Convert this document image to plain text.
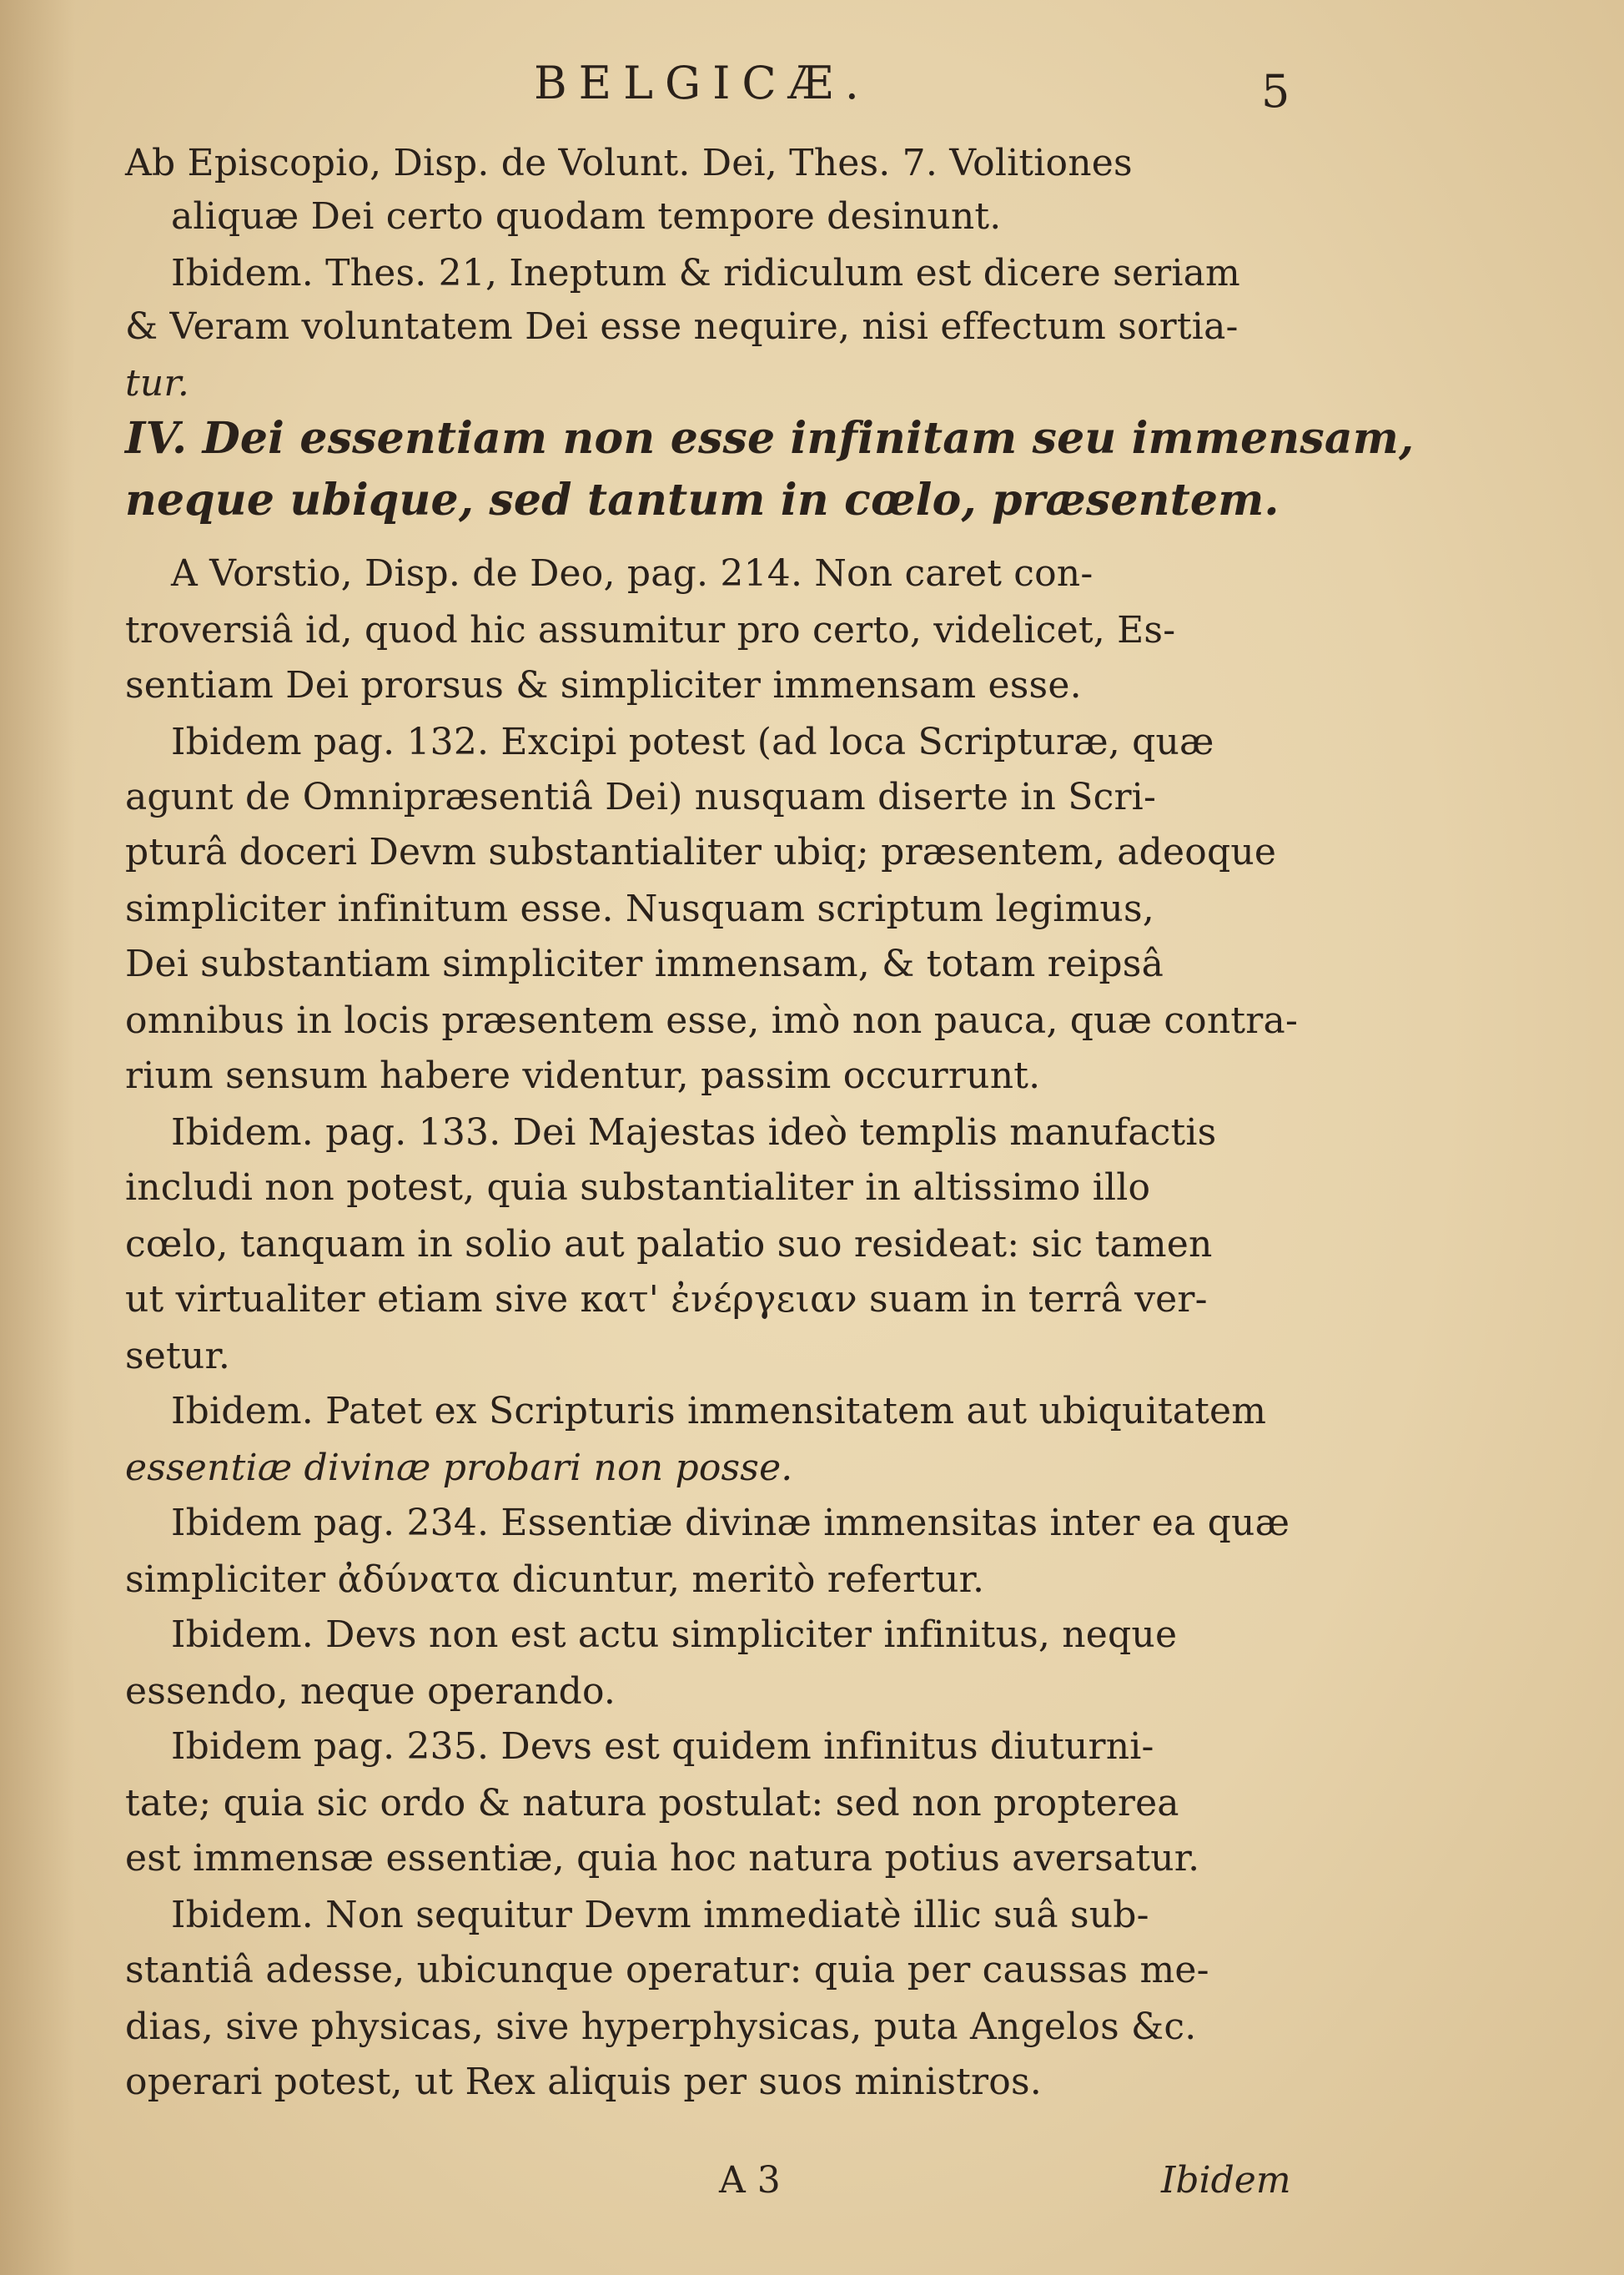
BELGICÆ.	5
Ab Episcopio, Disp. de Volunt. Dei, Thes. 7. Volitiones
aliquæ Dei certo quodam tempore desinunt.
Ibidem. Thes. 21, Ineptum & ridiculum est dicere seriam
& Veram voluntatem Dei esse nequire, nisi effectum sortia-
tur.
IV. Dei essentiam non esse infinitam seu immensam,
neque ubique, sed tantum in cœlo, præsentem.
A Vorstio, Disp. de Deo, pag. 214. Non caret con-
troversiâ id, quod hic assumitur pro certo, videlicet, Es-
sentiam Dei prorsus & simpliciter immensam esse.
Ibidem pag. 132. Excipi potest (ad loca Scripturæ, quæ
agunt de Omnipræsentiâ Dei) nusquam diserte in Scri-
pturâ doceri Devm substantialiter ubiq; præsentem, adeoque
simpliciter infinitum esse. Nusquam scriptum legimus,
Dei substantiam simpliciter immensam, & totam reipsâ
omnibus in locis præsentem esse, imò non pauca, quæ contra-
rium sensum habere videntur, passim occurrunt.
Ibidem. pag. 133. Dei Majestas ideò templis manufactis
includi non potest, quia substantialiter in altissimo illo
cœlo, tanquam in solio aut palatio suo resideat: sic tamen
ut virtualiter etiam sive κατ' ἐνέργειαν suam in terrâ ver-
setur.
Ibidem. Patet ex Scripturis immensitatem aut ubiquitatem
essentiæ divinæ probari non posse.
Ibidem pag. 234. Essentiæ divinæ immensitas inter ea quæ
simpliciter ἀδύνατα dicuntur, meritò refertur.
Ibidem. Devs non est actu simpliciter infinitus, neque
essendo, neque operando.
Ibidem pag. 235. Devs est quidem infinitus diuturni-
tate; quia sic ordo & natura postulat: sed non propterea
est immensæ essentiæ, quia hoc natura potius aversatur.
Ibidem. Non sequitur Devm immediatè illic suâ sub-
stantiâ adesse, ubicunque operatur: quia per caussas me-
dias, sive physicas, sive hyperphysicas, puta Angelos &c.
operari potest, ut Rex aliquis per suos ministros.
A 3	Ibidem
